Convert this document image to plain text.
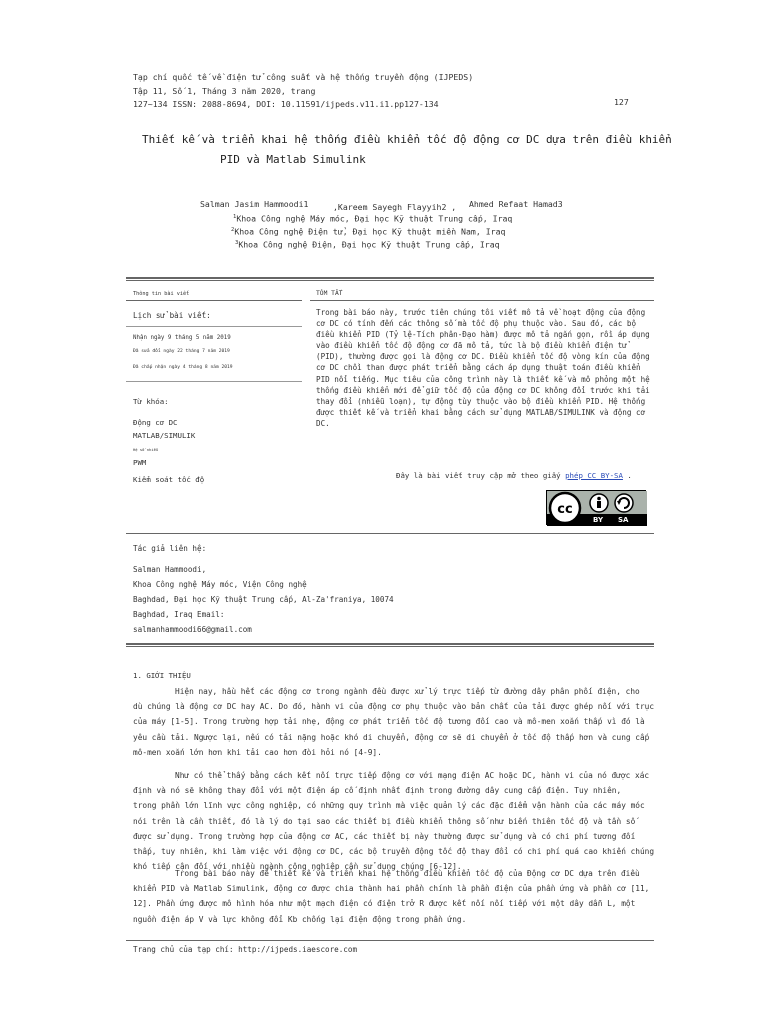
Tạp chí quốc tế về điện tử công suất và hệ thống truyền động (IJPEDS)
Tập 11, Số 1, Tháng 3 năm 2020, trang
127~134 ISSN: 2088-8694, DOI: 10.11591/ijpeds.v11.i1.pp127-134	127
Thiết kế và triển khai hệ thống điều khiển tốc độ động cơ DC dựa trên điều khiển
PID và Matlab Simulink
Salman Jasim Hammoodi1	,Kareem Sayegh Flayyih2 , Ahmed Refaat Hamad3
$^1$Khoa Công nghệ Máy móc, Đại học Kỹ thuật Trung cấp, Iraq
$^2$Khoa Công nghệ Điện tử, Đại học Kỹ thuật miền Nam, Iraq
$^3$Khoa Công nghệ Điện, Đại học Kỹ thuật Trung cấp, Iraq
Thông tin bài viết	TÓM TẮT
Lịch sử bài viết:
Nhận ngày 9 tháng 5 năm 2019
Đã sửa đổi ngày 22 tháng 7 năm 2019
Đã chấp nhận ngày 4 tháng 8 năm 2019
Từ khóa:
Động cơ DC
MATLAB/SIMULIK
Hệ số nhiễu
PWM
Kiểm soát tốc độ
Trong bài báo này, trước tiên chúng tôi viết mô tả về hoạt động của động
cơ DC có tính đến các thông số mà tốc độ phụ thuộc vào. Sau đó, các bộ
điều khiển PID (Tỷ lệ-Tích phân-Đạo hàm) được mô tả ngắn gọn, rồi áp dụng
vào điều khiển tốc độ động cơ đã mô tả, tức là bộ điều khiển điện tử
(PID), thường được gọi là động cơ DC. Điều khiển tốc độ vòng kín của động
cơ DC chồi than được phát triển bằng cách áp dụng thuật toán điều khiển
PID nổi tiếng. Mục tiêu của công trình này là thiết kế và mô phỏng một hệ
thống điều khiển mới để giữ tốc độ của động cơ DC không đổi trước khi tải
thay đổi (nhiễu loạn), tự động tùy thuộc vào bộ điều khiển PID. Hệ thống
được thiết kế và triển khai bằng cách sử dụng MATLAB/SIMULINK và động cơ
DC.
Đây là bài viết truy cập mở theo giấy phép CC BY-SA .
cc
BY SA
Tác giả liên hệ:
Salman Hammoodi,
Khoa Công nghệ Máy móc, Viện Công nghệ
Baghdad, Đại học Kỹ thuật Trung cấp, Al-Za'franiya, 10074
Baghdad, Iraq Email:
salmanhammoodi66@gmail.com
1. GIỚI THIỆU
Hiện nay, hầu hết các động cơ trong ngành đều được xử lý trực tiếp từ đường dây phân phối điện, cho
dù chúng là động cơ DC hay AC. Do đó, hành vi của động cơ phụ thuộc vào bản chất của tải được ghép nối với trục
của máy [1-5]. Trong trường hợp tải nhẹ, động cơ phát triển tốc độ tương đối cao và mô-men xoắn thấp vì đó là
yêu cầu tải. Ngược lại, nếu có tải nặng hoặc khó di chuyển, động cơ sẽ di chuyển ở tốc độ thấp hơn và cung cấp
mô-men xoắn lớn hơn khi tải cao hơn đòi hỏi nó [4-9].
Như có thể thấy bằng cách kết nối trực tiếp động cơ với mạng điện AC hoặc DC, hành vi của nó được xác
định và nó sẽ không thay đổi với một điện áp cố định nhất định trong đường dây cung cấp điện. Tuy nhiên,
trong phần lớn lĩnh vực công nghiệp, có những quy trình mà việc quản lý các đặc điểm vận hành của các máy móc
nói trên là cần thiết, đó là lý do tại sao các thiết bị điều khiển thông số như biến thiên tốc độ và tần số
được sử dụng. Trong trường hợp của động cơ AC, các thiết bị này thường được sử dụng và có chi phí tương đối
thấp, tuy nhiên, khi làm việc với động cơ DC, các bộ truyền động tốc độ thay đổi có chi phí quá cao khiến chúng
khó tiếp cận đối với nhiều ngành công nghiệp cần sử dụng chúng [6-12].
Trong bài báo này để thiết kế và triển khai hệ thống điều khiển tốc độ của Động cơ DC dựa trên điều
khiển PID và Matlab Simulink, động cơ được chia thành hai phần chính là phần điện của phần ứng và phần cơ [11,
12]. Phần ứng được mô hình hóa như một mạch điện có điện trở R được kết nối nối tiếp với một dây dẫn L, một
nguồn điện áp V và lực không đổi Kb chống lại điện động trong phần ứng.
Trang chủ của tạp chí: http://ijpeds.iaescore.com
